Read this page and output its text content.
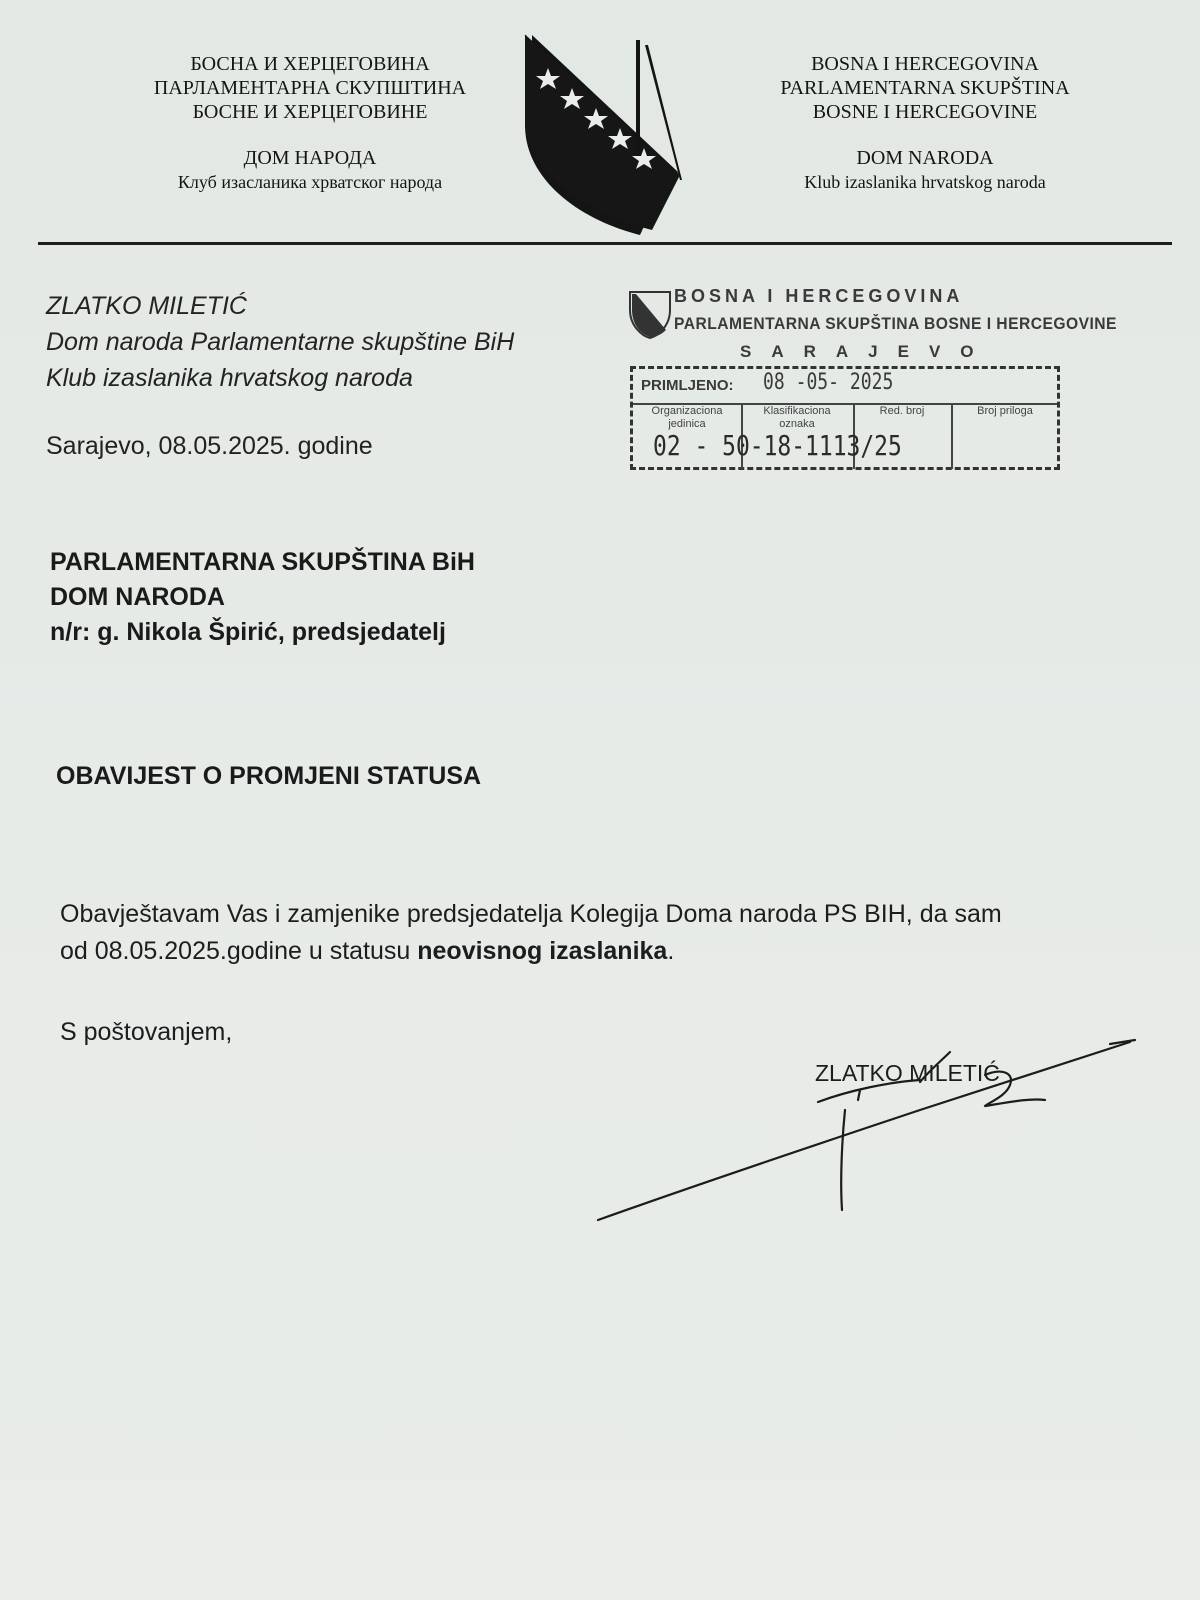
БОСНА И ХЕРЦЕГОВИНА
ПАРЛАМЕНТАРНА СКУПШТИНА
БОСНЕ И ХЕРЦЕГОВИНЕ
ДОМ НАРОДА
Клуб изасланика хрватског народа
BOSNA I HERCEGOVINA
PARLAMENTARNA SKUPŠTINA
BOSNE I HERCEGOVINE
DOM NARODA
Klub izaslanika hrvatskog naroda
ZLATKO MILETIĆ
Dom naroda Parlamentarne skupštine BiH
Klub izaslanika hrvatskog naroda
Sarajevo, 08.05.2025. godine
BOSNA I HERCEGOVINA
PARLAMENTARNA SKUPŠTINA BOSNE I HERCEGOVINE
SARAJEVO
PRIMLJENO: 08 -05- 2025
Organizaciona jedinica
Klasifikaciona oznaka
Red. broj	Broj priloga
02 - 50-18-1113/25
PARLAMENTARNA SKUPŠTINA BiH
DOM NARODA
n/r: g. Nikola Špirić, predsjedatelj
OBAVIJEST O PROMJENI STATUSA
Obavještavam Vas i zamjenike predsjedatelja Kolegija Doma naroda PS BIH, da sam
od 08.05.2025.godine u statusu neovisnog izaslanika.
S poštovanjem,
ZLATKO MILETIĆ
